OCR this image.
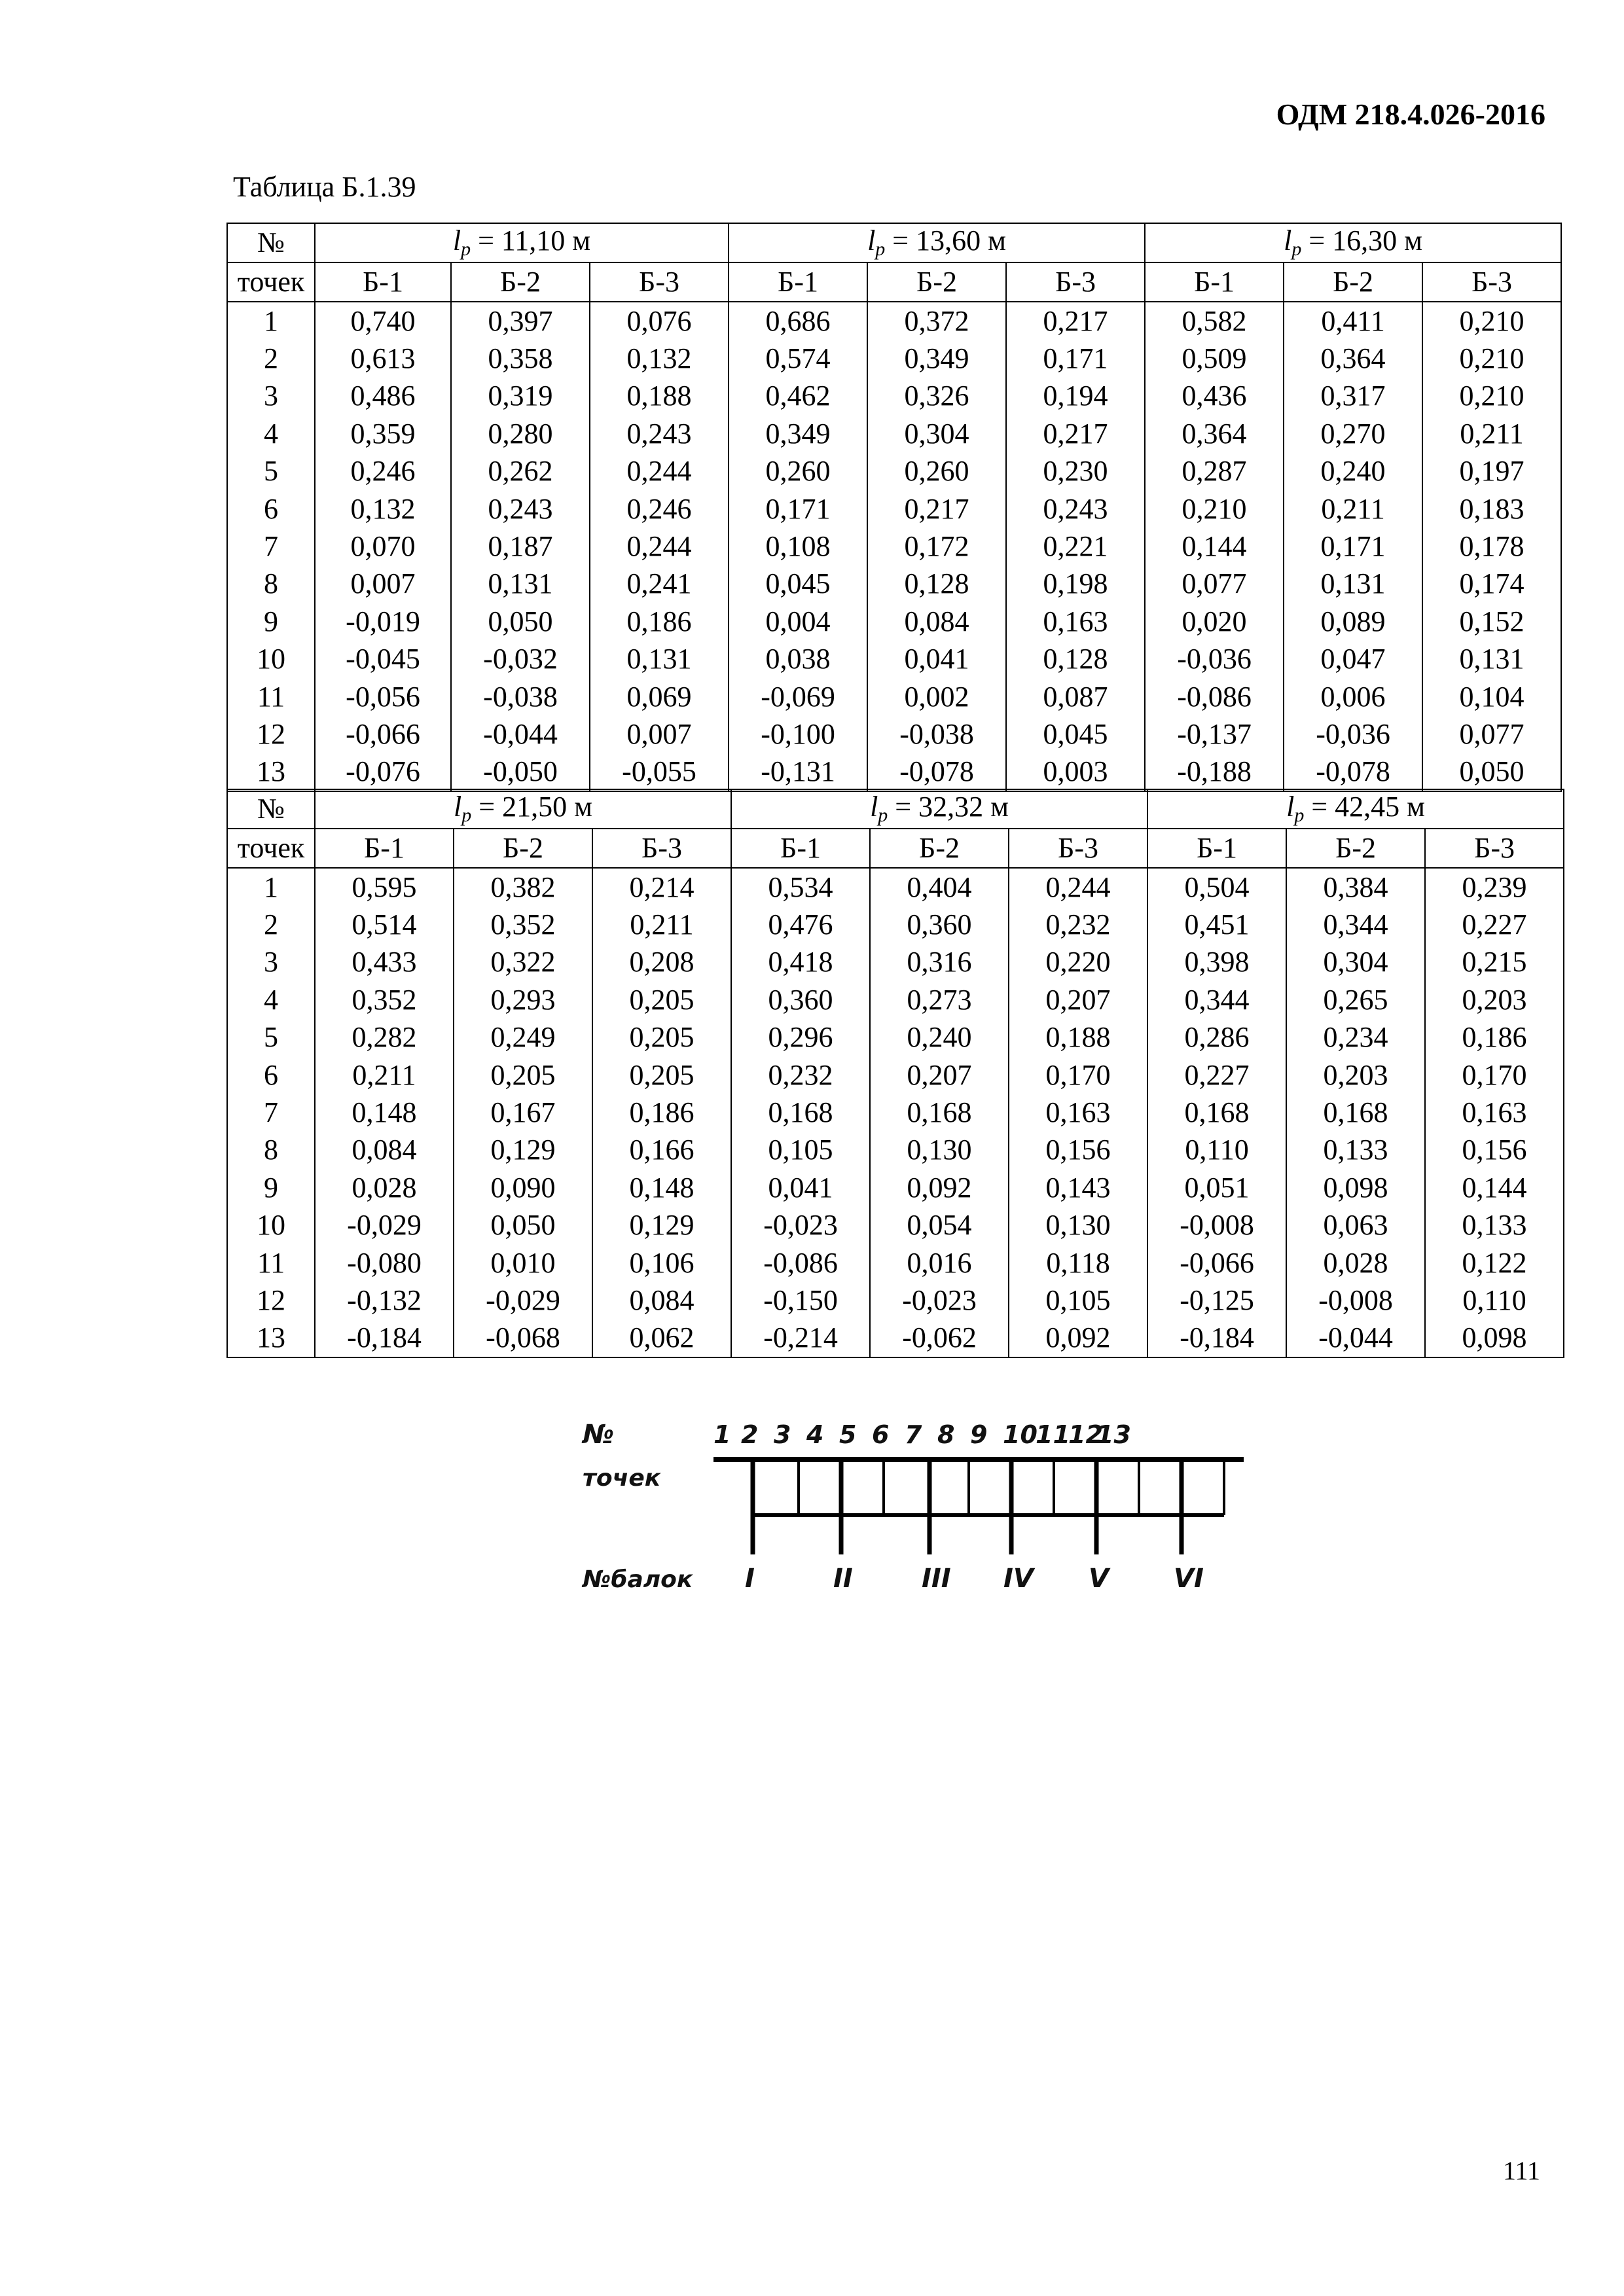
ОДМ 218.4.026-2016
Таблица Б.1.39
№	lр = 11,10 м			lр = 13,60 м			lр = 16,30 м		
точек	Б-1	Б-2	Б-3	Б-1	Б-2	Б-3	Б-1	Б-2	Б-3
1	0,740	0,397	0,076	0,686	0,372	0,217	0,582	0,411	0,210
2	0,613	0,358	0,132	0,574	0,349	0,171	0,509	0,364	0,210
3	0,486	0,319	0,188	0,462	0,326	0,194	0,436	0,317	0,210
4	0,359	0,280	0,243	0,349	0,304	0,217	0,364	0,270	0,211
5	0,246	0,262	0,244	0,260	0,260	0,230	0,287	0,240	0,197
6	0,132	0,243	0,246	0,171	0,217	0,243	0,210	0,211	0,183
7	0,070	0,187	0,244	0,108	0,172	0,221	0,144	0,171	0,178
8	0,007	0,131	0,241	0,045	0,128	0,198	0,077	0,131	0,174
9	-0,019	0,050	0,186	0,004	0,084	0,163	0,020	0,089	0,152
10	-0,045	-0,032	0,131	0,038	0,041	0,128	-0,036	0,047	0,131
11	-0,056	-0,038	0,069	-0,069	0,002	0,087	-0,086	0,006	0,104
12	-0,066	-0,044	0,007	-0,100	-0,038	0,045	-0,137	-0,036	0,077
13	-0,076	-0,050	-0,055	-0,131	-0,078	0,003	-0,188	-0,078	0,050
№	lр = 21,50 м			lр = 32,32 м			lр = 42,45 м		
точек	Б-1	Б-2	Б-3	Б-1	Б-2	Б-3	Б-1	Б-2	Б-3
1	0,595	0,382	0,214	0,534	0,404	0,244	0,504	0,384	0,239
2	0,514	0,352	0,211	0,476	0,360	0,232	0,451	0,344	0,227
3	0,433	0,322	0,208	0,418	0,316	0,220	0,398	0,304	0,215
4	0,352	0,293	0,205	0,360	0,273	0,207	0,344	0,265	0,203
5	0,282	0,249	0,205	0,296	0,240	0,188	0,286	0,234	0,186
6	0,211	0,205	0,205	0,232	0,207	0,170	0,227	0,203	0,170
7	0,148	0,167	0,186	0,168	0,168	0,163	0,168	0,168	0,163
8	0,084	0,129	0,166	0,105	0,130	0,156	0,110	0,133	0,156
9	0,028	0,090	0,148	0,041	0,092	0,143	0,051	0,098	0,144
10	-0,029	0,050	0,129	-0,023	0,054	0,130	-0,008	0,063	0,133
11	-0,080	0,010	0,106	-0,086	0,016	0,118	-0,066	0,028	0,122
12	-0,132	-0,029	0,084	-0,150	-0,023	0,105	-0,125	-0,008	0,110
13	-0,184	-0,068	0,062	-0,214	-0,062	0,092	-0,184	-0,044	0,098
№
точек
№балок
1 2 3 4 5 6 7 8 9 10
11
12
13
I	II	III IV V VI
111
